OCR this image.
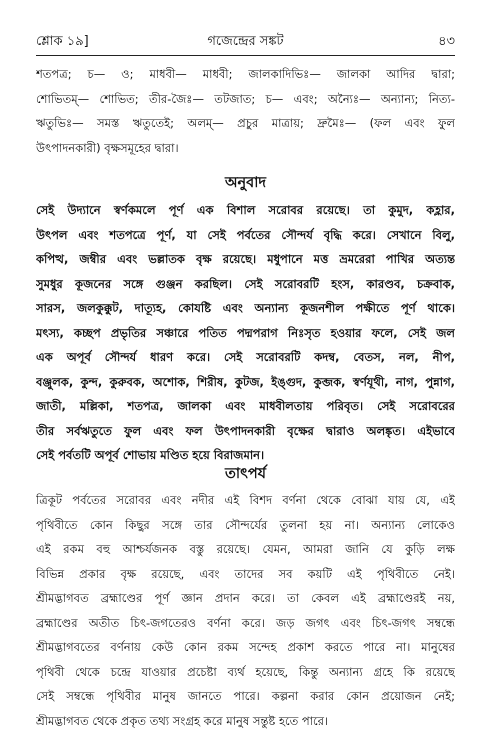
শ্লোক ১৯]	গজেন্দ্রের সঙ্কট	৪৩
শতপত্র; চ— ও; মাধবী— মাধবী; জালকাদিভিঃ— জালকা আদির দ্বারা;
শোভিতম্— শোভিত; তীর-জৈঃ— তটজাত; চ— এবং; অন্যৈঃ— অন্যান্য; নিত্য-
ঋতুভিঃ— সমস্ত ঋতুতেই; অলম্— প্রচুর মাত্রায়; দ্রুমৈঃ— (ফল এবং ফুল
উৎপাদনকারী) বৃক্ষসমূহের দ্বারা।
অনুবাদ
সেই উদ্যানে স্বর্ণকমলে পূর্ণ এক বিশাল সরোবর রয়েছে। তা কুমুদ, কহ্লার,
উৎপল এবং শতপত্রে পূর্ণ, যা সেই পর্বতের সৌন্দর্য বৃদ্ধি করে। সেখানে বিলু,
কপিত্থ, জম্বীর এবং ভল্লাতক বৃক্ষ রয়েছে। মধুপানে মত্ত ভ্রমরেরা পাখির অত্যন্ত
সুমধুর কূজনের সঙ্গে গুঞ্জন করছিল। সেই সরোবরটি হংস, কারণ্ডব, চক্রবাক,
সারস, জলকুক্কুট, দাত্যূহ, কোযষ্টি এবং অন্যান্য কূজনশীল পক্ষীতে পূর্ণ থাকে।
মৎস্য, কচ্ছপ প্রভৃতির সঞ্চারে পতিত পদ্মপরাগ নিঃসৃত হওয়ার ফলে, সেই জল
এক অপূর্ব সৌন্দর্য ধারণ করে। সেই সরোবরটি কদম্ব, বেতস, নল, নীপ,
বঞ্জুলক, কুন্দ, কুরুবক, অশোক, শিরীষ, কুটজ, ইঙ্গুদ, কুব্জক, স্বর্ণযূথী, নাগ, পুন্নাগ,
জাতী, মল্লিকা, শতপত্র, জালকা এবং মাধবীলতায় পরিবৃত। সেই সরোবরের
তীর সর্বঋতুতে ফুল এবং ফল উৎপাদনকারী বৃক্ষের দ্বারাও অলঙ্কৃত। এইভাবে
সেই পর্বতটি অপূর্ব শোভায় মণ্ডিত হয়ে বিরাজমান।
তাৎপর্য
ত্রিকূট পর্বতের সরোবর এবং নদীর এই বিশদ বর্ণনা থেকে বোঝা যায় যে, এই
পৃথিবীতে কোন কিছুর সঙ্গে তার সৌন্দর্যের তুলনা হয় না। অন্যান্য লোকেও
এই রকম বহু আশ্চর্যজনক বস্তু রয়েছে। যেমন, আমরা জানি যে কুড়ি লক্ষ
বিভিন্ন প্রকার বৃক্ষ রয়েছে, এবং তাদের সব কয়টি এই পৃথিবীতে নেই।
শ্রীমদ্ভাগবত ব্রহ্মাণ্ডের পূর্ণ জ্ঞান প্রদান করে। তা কেবল এই ব্রহ্মাণ্ডেরই নয়,
ব্রহ্মাণ্ডের অতীত চিৎ-জগতেরও বর্ণনা করে। জড় জগৎ এবং চিৎ-জগৎ সম্বন্ধে
শ্রীমদ্ভাগবতের বর্ণনায় কেউ কোন রকম সন্দেহ প্রকাশ করতে পারে না। মানুষের
পৃথিবী থেকে চন্দ্রে যাওয়ার প্রচেষ্টা ব্যর্থ হয়েছে, কিন্তু অন্যান্য গ্রহে কি রয়েছে
সেই সম্বন্ধে পৃথিবীর মানুষ জানতে পারে। কল্পনা করার কোন প্রয়োজন নেই;
শ্রীমদ্ভাগবত থেকে প্রকৃত তথ্য সংগ্রহ করে মানুষ সন্তুষ্ট হতে পারে।
